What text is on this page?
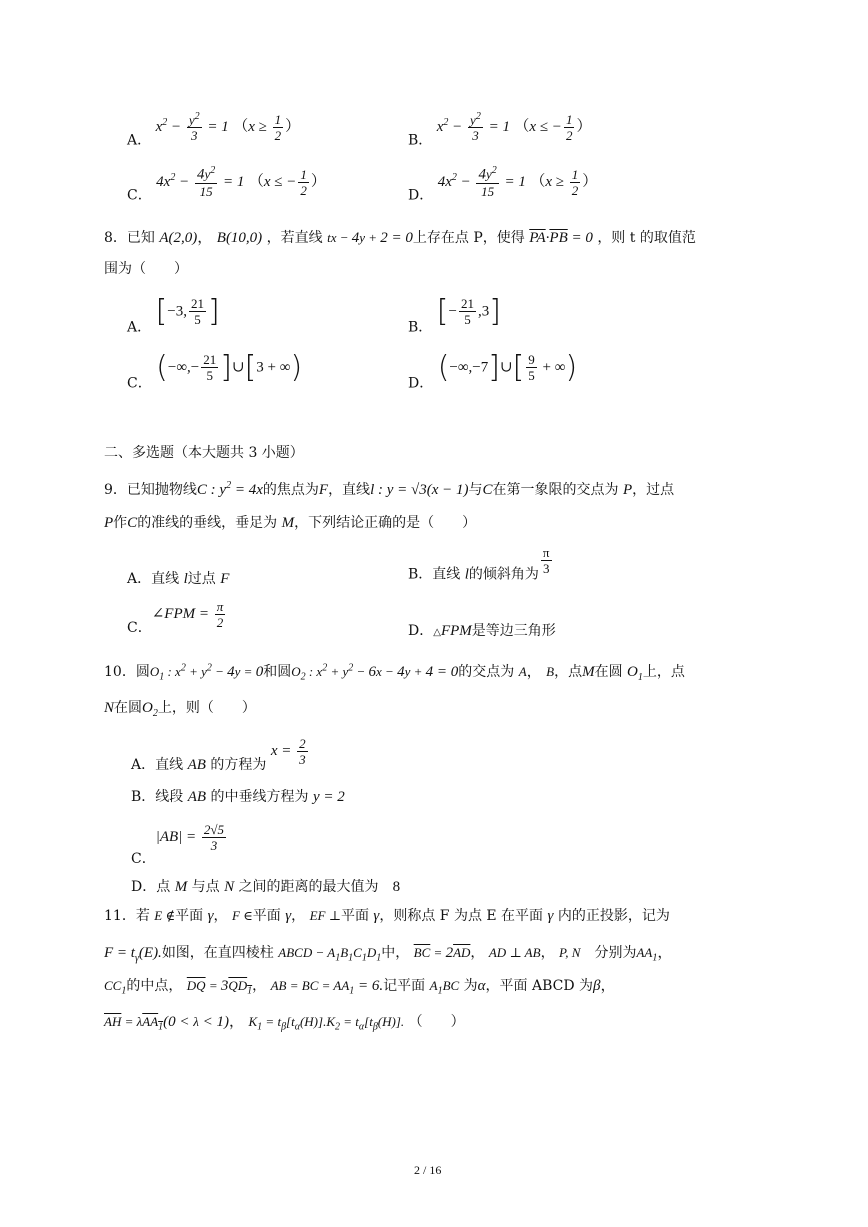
A． $x^2 - \frac{y^2}{3} = 1$ （$x \ge \frac{1}{2}$ ）
B． $x^2 - \frac{y^2}{3} = 1$ （x ≤ − $\frac{1}{2}$ ）
C． $4x^2 - \frac{4y^2}{15} = 1$ （x ≤ − $\frac{1}{2}$ ）
D． $4x^2 - \frac{4y^2}{15} = 1$ （$x \ge \frac{1}{2}$ ）
8．已知 A(2,0)， B(10,0) ，若直线 tx − 4y + 2 = 0上存在点 P，使得 $\overline{PA}\cdot\overline{PB} = 0$ ，则 t 的取值范
围为（　　）
A． [−3, $\frac{21}{5}$ ]	B． [− $\frac{21}{5} ,3$]
C． (−∞,− $\frac{21}{5}$ ]∪[3 + ∞)	D． (−∞,−7]∪[ $\frac{9}{5}$ + ∞)
二、多选题（本大题共 3 小题）
9．已知抛物线C : $y^2 = 4x$的焦点为F，直线l : y = √3(x − 1)与C在第一象限的交点为 P，过点
P作C的准线的垂线，垂足为 M，下列结论正确的是（　　）
A．直线 l过点 F	B．直线 l的倾斜角为 $\frac{\pi}{3}$
C．∠FPM = $\frac{\pi}{2}$
D．△FPM是等边三角形
10．圆$O_1$ : $x^2 + y^2 - 4y = 0$和圆$O_2$ : $x^2 + y^2 - 6x - 4y + 4 = 0$的交点为 A， B，点M在圆 $O_1$上，点
N在圆$O_2$上，则（　　）
A．直线 AB 的方程为 $x = \frac{2}{3}$
B．线段 AB 的中垂线方程为 y = 2
C．$|AB| = \frac{2√5}{3}$
D．点 M 与点 N 之间的距离的最大值为　 8
11．若 E ∉平面 γ， F ∈平面 γ， EF ⊥平面 γ，则称点 F 为点 E 在平面 γ 内的正投影，记为
$F = t_\gamma(E)$.如图，在直四棱柱 ABCD − $A_1B_1C_1D_1$中， $\overline{BC} = 2\overline{AD}$， AD ⊥ AB， P, N　 分别为$AA_1$，
$CC_1$的中点， $\overline{DQ} = 3QD_1$， AB = BC = $AA_1 = 6$.记平面 $A_1BC$ 为α，平面 ABCD 为β，
$\overline{AH} = \lambda AA_1(0 < \lambda < 1)$， $K_1 = t_\beta[t_\alpha(H)].K_2 = t_\alpha[t_\beta(H)]$. （　　）
2 / 16
